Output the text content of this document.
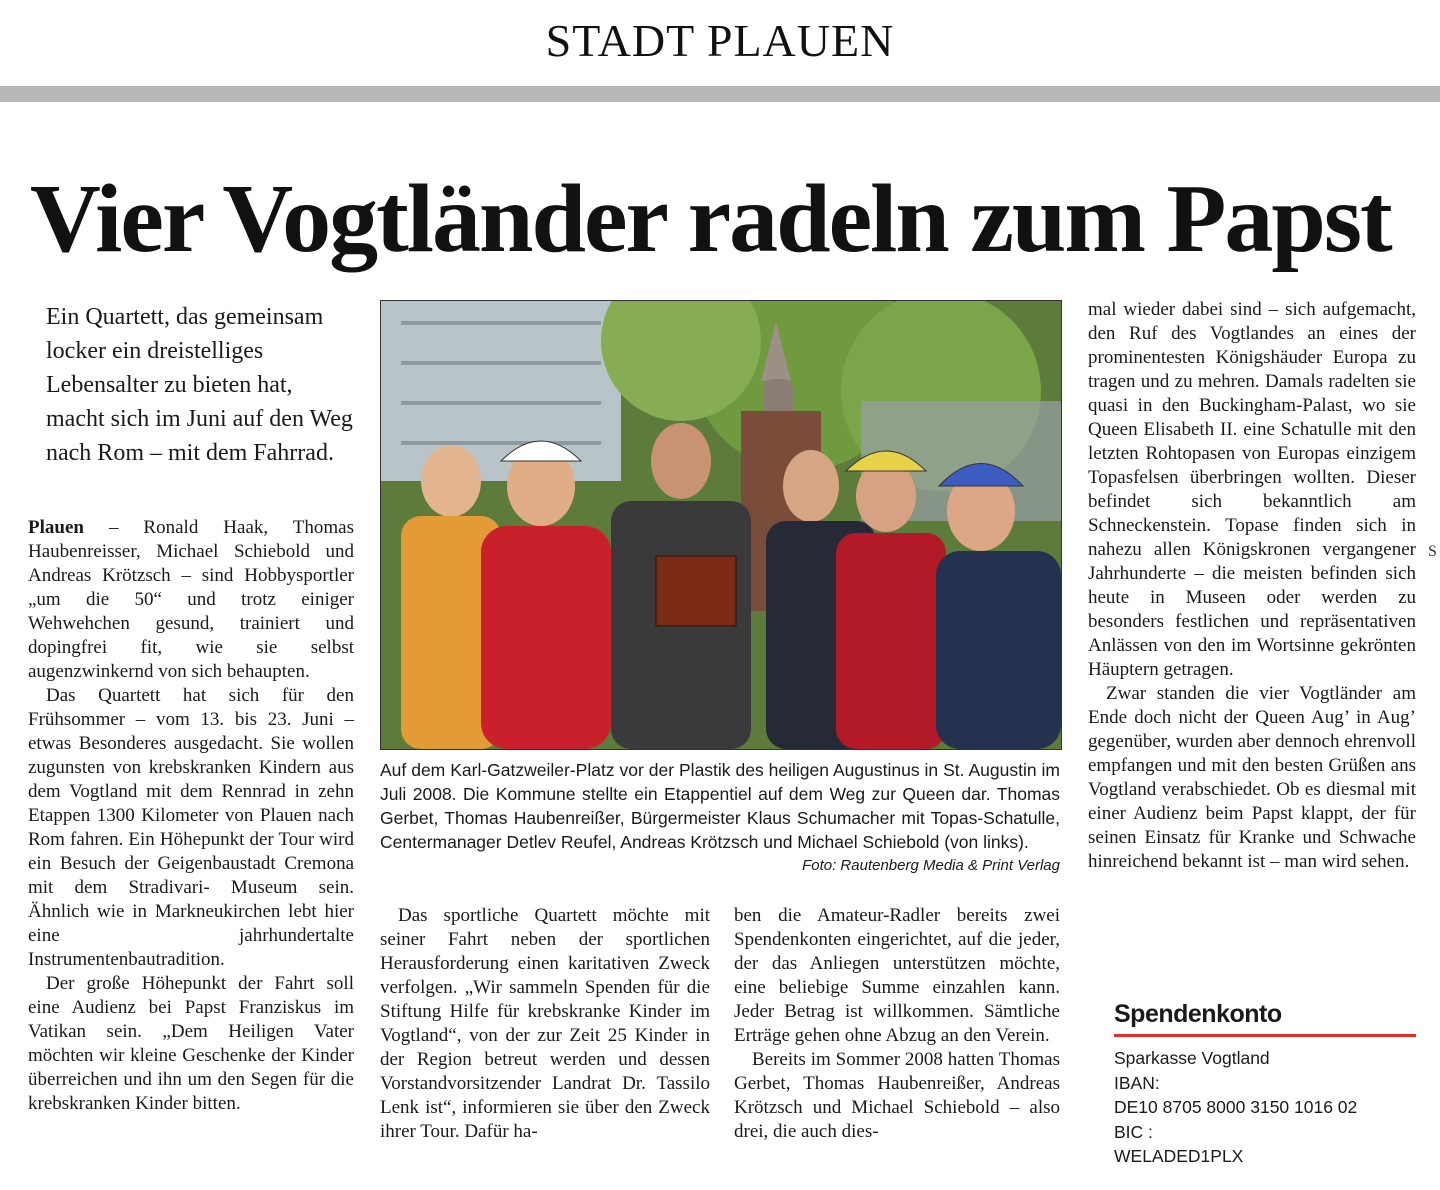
STADT PLAUEN
Vier Vogtländer radeln zum Papst
Ein Quartett, das gemeinsam locker ein dreistelliges Lebensalter zu bieten hat, macht sich im Juni auf den Weg nach Rom – mit dem Fahrrad.

Plauen – Ronald Haak, Thomas Haubenreisser, Michael Schiebold und Andreas Krötzsch – sind Hobbysportler „um die 50“ und trotz einiger Wehwehchen gesund, trainiert und dopingfrei fit, wie sie selbst augenzwinkernd von sich behaupten.

Das Quartett hat sich für den Frühsommer – vom 13. bis 23. Juni – etwas Besonderes ausgedacht. Sie wollen zugunsten von krebskranken Kindern aus dem Vogtland mit dem Rennrad in zehn Etappen 1300 Kilometer von Plauen nach Rom fahren. Ein Höhepunkt der Tour wird ein Besuch der Geigenbaustadt Cremona mit dem Stradivari- Museum sein. Ähnlich wie in Markneukirchen lebt hier eine jahrhundertalte Instrumentenbautradition.

Der große Höhepunkt der Fahrt soll eine Audienz bei Papst Franziskus im Vatikan sein. „Dem Heiligen Vater möchten wir kleine Geschenke der Kinder überreichen und ihn um den Segen für die krebskranken Kinder bitten.

Auf dem Karl-Gatzweiler-Platz vor der Plastik des heiligen Augustinus in St. Augustin im Juli 2008. Die Kommune stellte ein Etappentiel auf dem Weg zur Queen dar. Thomas Gerbet, Thomas Haubenreißer, Bürgermeister Klaus Schumacher mit Topas-Schatulle, Centermanager Detlev Reufel, Andreas Krötzsch und Michael Schiebold (von links).
Foto: Rautenberg Media & Print Verlag

Das sportliche Quartett möchte mit seiner Fahrt neben der sportlichen Herausforderung einen karitativen Zweck verfolgen. „Wir sammeln Spenden für die Stiftung Hilfe für krebskranke Kinder im Vogtland“, von der zur Zeit 25 Kinder in der Region betreut werden und dessen Vorstandvorsitzender Landrat Dr. Tassilo Lenk ist“, informieren sie über den Zweck ihrer Tour. Dafür ha-

ben die Amateur-Radler bereits zwei Spendenkonten eingerichtet, auf die jeder, der das Anliegen unterstützen möchte, eine beliebige Summe einzahlen kann. Jeder Betrag ist willkommen. Sämtliche Erträge gehen ohne Abzug an den Verein.

Bereits im Sommer 2008 hatten Thomas Gerbet, Thomas Haubenreißer, Andreas Krötzsch und Michael Schiebold – also drei, die auch dies-

mal wieder dabei sind – sich aufgemacht, den Ruf des Vogtlandes an eines der prominentesten Königshäuder Europa zu tragen und zu mehren. Damals radelten sie quasi in den Buckingham-Palast, wo sie Queen Elisabeth II. eine Schatulle mit den letzten Rohtopasen von Europas einzigem Topasfelsen überbringen wollten. Dieser befindet sich bekanntlich am Schneckenstein. Topase finden sich in nahezu allen Königskronen vergangener Jahrhunderte – die meisten befinden sich heute in Museen oder werden zu besonders festlichen und repräsentativen Anlässen von den im Wortsinne gekrönten Häuptern getragen.

Zwar standen die vier Vogtländer am Ende doch nicht der Queen Aug’ in Aug’ gegenüber, wurden aber dennoch ehrenvoll empfangen und mit den besten Grüßen ans Vogtland verabschiedet. Ob es diesmal mit einer Audienz beim Papst klappt, der für seinen Einsatz für Kranke und Schwache hinreichend bekannt ist – man wird sehen.

Spendenkonto
Sparkasse Vogtland
IBAN:
DE10 8705 8000 3150 1016 02
BIC :
WELADED1PLX
S
